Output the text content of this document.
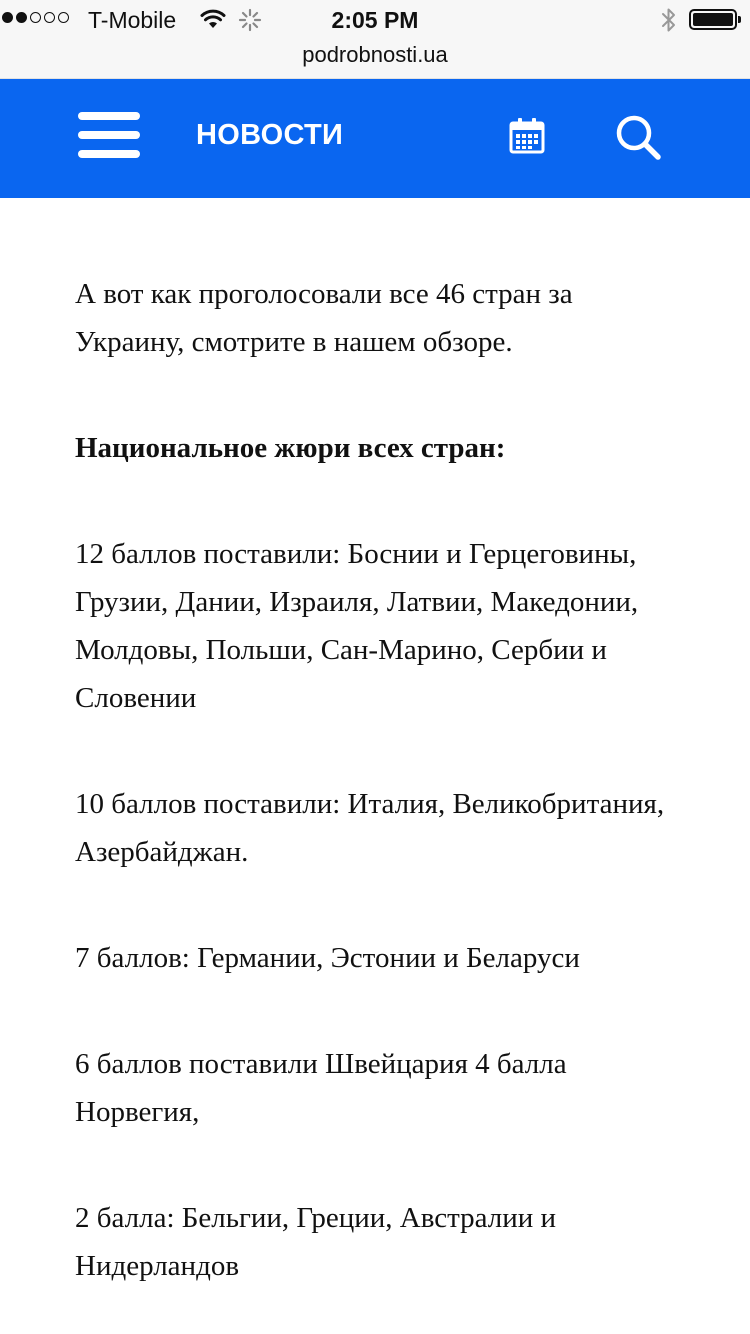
T-Mobile	2:05 PM
podrobnosti.ua
НОВОСТИ

А вот как проголосовали все 46 стран за Украину, смотрите в нашем обзоре.

Национальное жюри всех стран:

12 баллов поставили: Боснии и Герцеговины, Грузии, Дании, Израиля, Латвии, Македонии, Молдовы, Польши, Сан-Марино, Сербии и Словении

10 баллов поставили: Италия, Великобритания, Азербайджан.

7 баллов: Германии, Эстонии и Беларуси

6 баллов поставили Швейцария 4 балла Норвегия,

2 балла: Бельгии, Греции, Австралии и Нидерландов
